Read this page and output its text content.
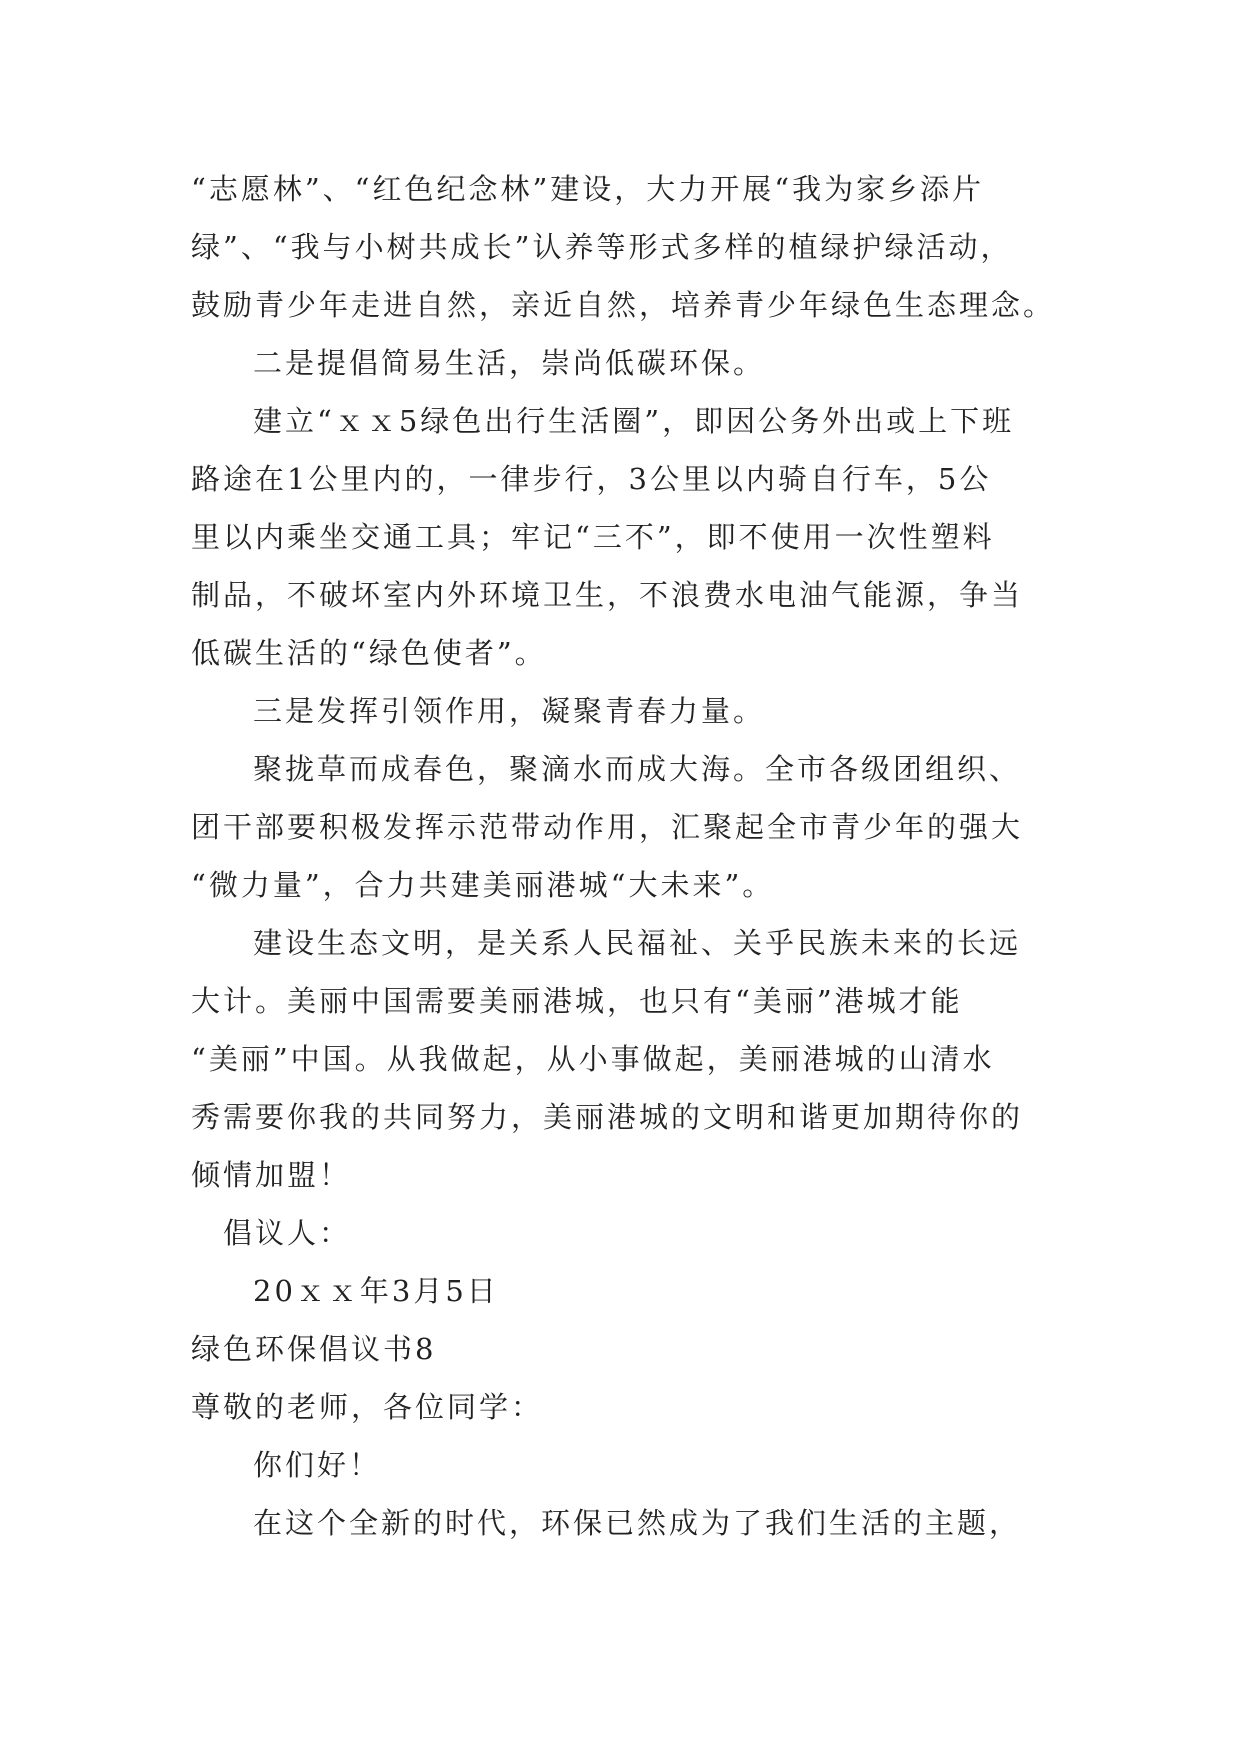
“志愿林”、“红色纪念林”建设，大力开展“我为家乡添片
绿”、“我与小树共成长”认养等形式多样的植绿护绿活动，
鼓励青少年走进自然，亲近自然，培养青少年绿色生态理念。
二是提倡简易生活，崇尚低碳环保。
建立“ｘｘ5绿色出行生活圈”，即因公务外出或上下班
路途在1公里内的，一律步行，3公里以内骑自行车，5公
里以内乘坐交通工具；牢记“三不”，即不使用一次性塑料
制品，不破坏室内外环境卫生，不浪费水电油气能源，争当
低碳生活的“绿色使者”。
三是发挥引领作用，凝聚青春力量。
聚拢草而成春色，聚滴水而成大海。全市各级团组织、
团干部要积极发挥示范带动作用，汇聚起全市青少年的强大
“微力量”，合力共建美丽港城“大未来”。
建设生态文明，是关系人民福祉、关乎民族未来的长远
大计。美丽中国需要美丽港城，也只有“美丽”港城才能
“美丽”中国。从我做起，从小事做起，美丽港城的山清水
秀需要你我的共同努力，美丽港城的文明和谐更加期待你的
倾情加盟！
倡议人：
20ｘｘ年3月5日
绿色环保倡议书8
尊敬的老师，各位同学：
你们好！
在这个全新的时代，环保已然成为了我们生活的主题，
